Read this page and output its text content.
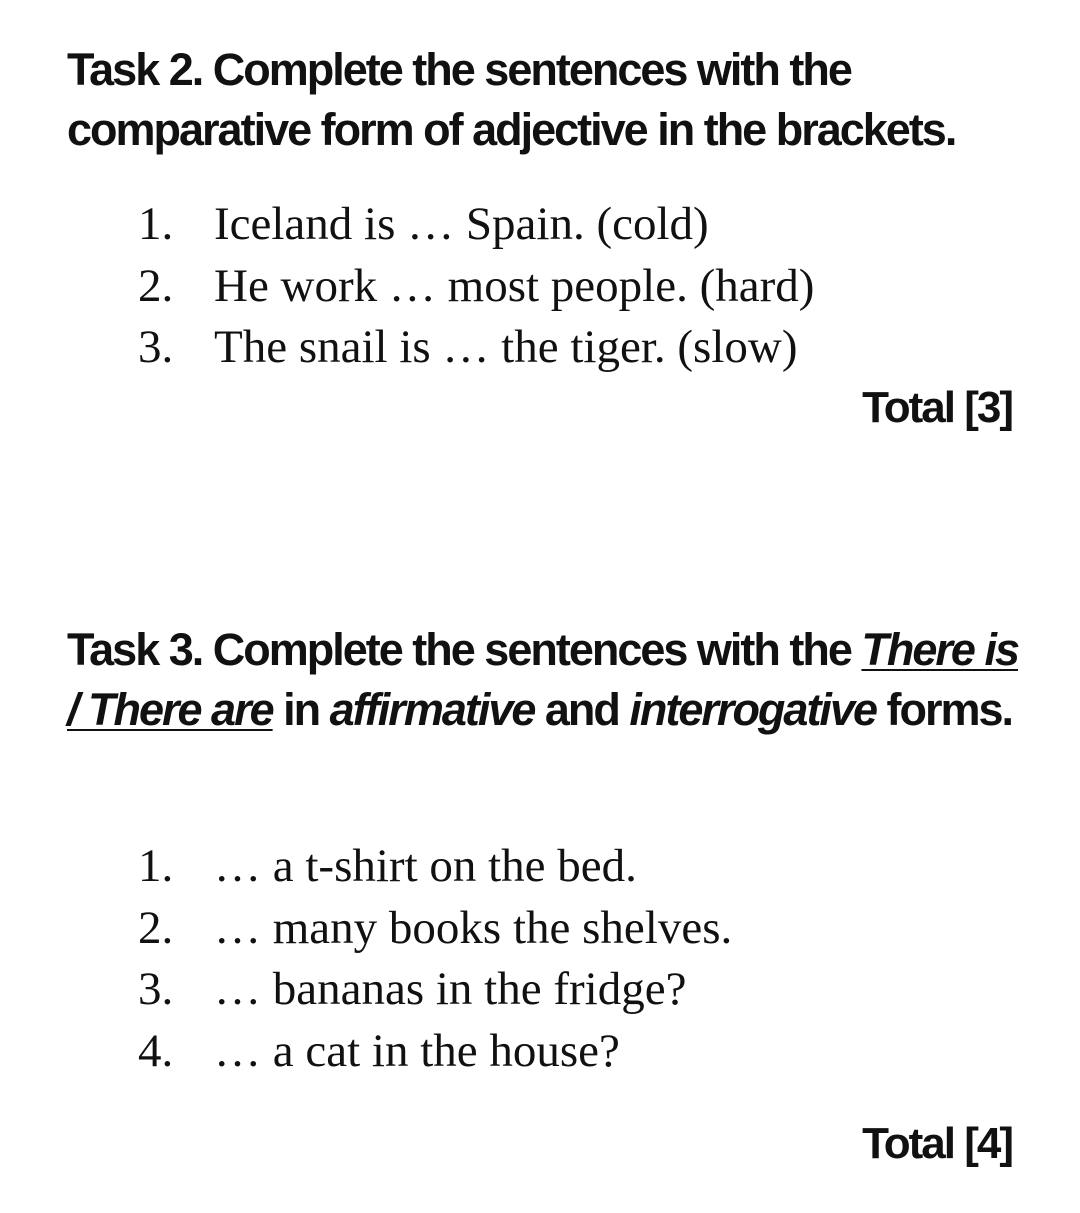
Task 2. Complete the sentences with the comparative form of adjective in the brackets.

1. Iceland is … Spain. (cold)
2. He work … most people. (hard)
3. The snail is … the tiger. (slow)
Total [3]

Task 3. Complete the sentences with the There is / There are in affirmative and interrogative forms.

1. … a t-shirt on the bed.
2. … many books the shelves.
3. … bananas in the fridge?
4. … a cat in the house?
Total [4]
